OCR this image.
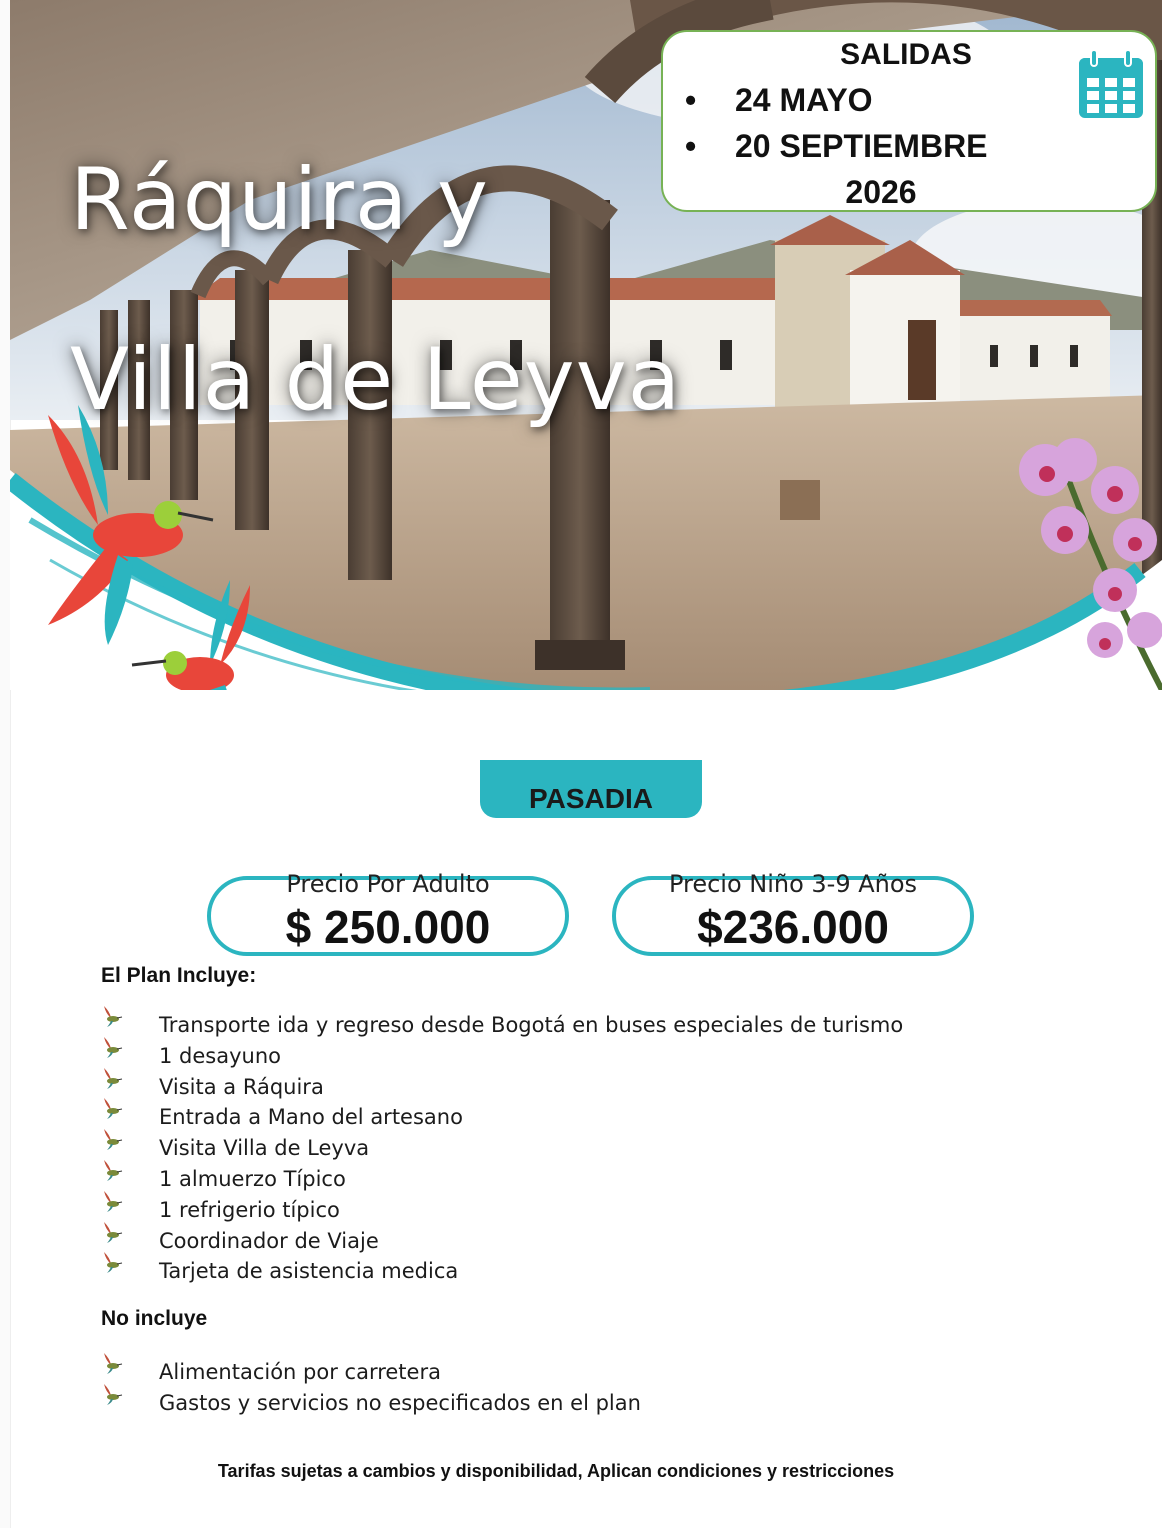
Ráquira y
Villa de Leyva
SALIDAS
• 24 MAYO
• 20 SEPTIEMBRE
2026
PASADIA
Precio Por Adulto
$ 250.000
Precio Niño 3-9 Años
$236.000
El Plan Incluye:
Transporte ida y regreso desde Bogotá en buses especiales de turismo
1 desayuno
Visita a Ráquira
Entrada a Mano del artesano
Visita Villa de Leyva
1 almuerzo Típico
1 refrigerio típico
Coordinador de Viaje
Tarjeta de asistencia medica
No incluye
Alimentación por carretera
Gastos y servicios no especificados en el plan
Tarifas sujetas a cambios y disponibilidad, Aplican condiciones y restricciones
